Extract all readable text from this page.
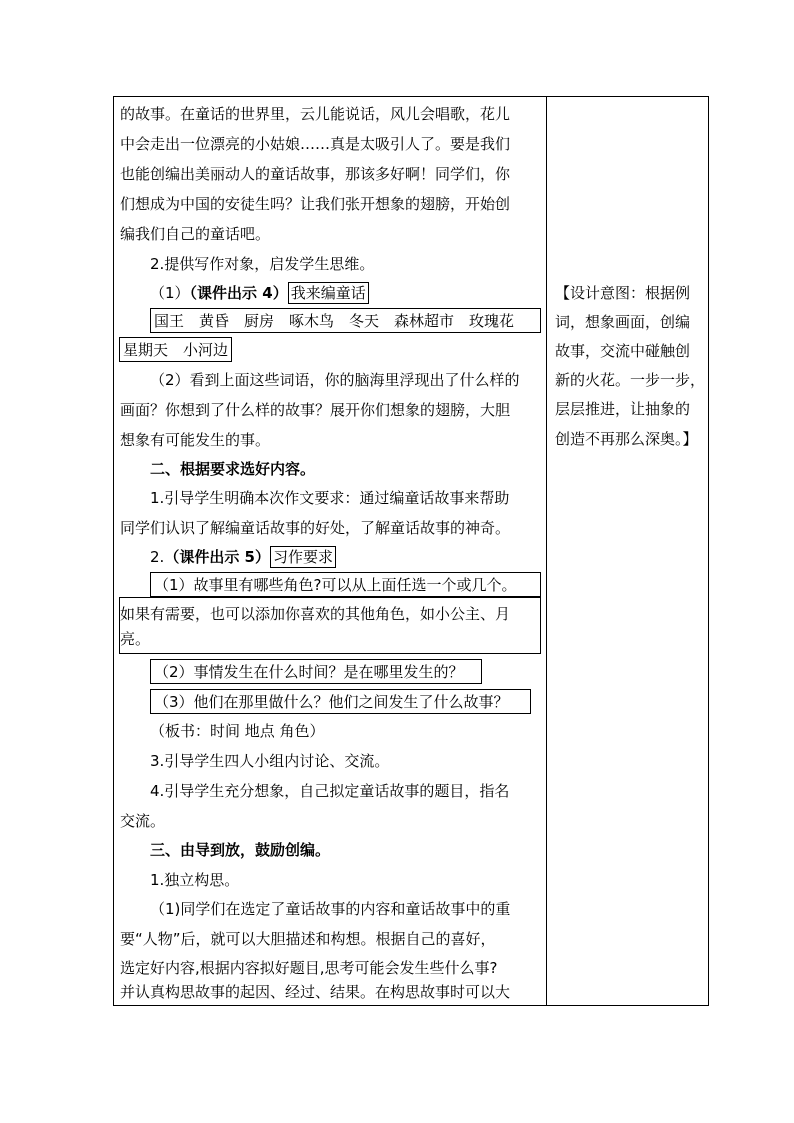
的故事。在童话的世界里，云儿能说话，风儿会唱歌，花儿
中会走出一位漂亮的小姑娘……真是太吸引人了。要是我们
也能创编出美丽动人的童话故事，那该多好啊！同学们，你
们想成为中国的安徒生吗？让我们张开想象的翅膀，开始创
编我们自己的童话吧。
2.提供写作对象，启发学生思维。
（1）（课件出示 4） 我来编童话
国王　黄昏　厨房　啄木鸟　冬天　森林超市　玫瑰花
星期天　小河边
（2）看到上面这些词语，你的脑海里浮现出了什么样的
画面？你想到了什么样的故事？展开你们想象的翅膀，大胆
想象有可能发生的事。
二、根据要求选好内容。
1.引导学生明确本次作文要求：通过编童话故事来帮助
同学们认识了解编童话故事的好处，了解童话故事的神奇。
2.（课件出示 5） 习作要求
（1）故事里有哪些角色?可以从上面任选一个或几个。
如果有需要，也可以添加你喜欢的其他角色，如小公主、月
亮。
（2）事情发生在什么时间？是在哪里发生的？
（3）他们在那里做什么？他们之间发生了什么故事？
（板书：时间 地点 角色）
3.引导学生四人小组内讨论、交流。
4.引导学生充分想象，自己拟定童话故事的题目，指名
交流。
三、由导到放，鼓励创编。
1.独立构思。
（1)同学们在选定了童话故事的内容和童话故事中的重
要“人物”后，就可以大胆描述和构想。根据自己的喜好，
选定好内容,根据内容拟好题目,思考可能会发生些什么事?
并认真构思故事的起因、经过、结果。在构思故事时可以大
【设计意图：根据例
词，想象画面，创编
故事，交流中碰触创
新的火花。一步一步，
层层推进，让抽象的
创造不再那么深奥。】
